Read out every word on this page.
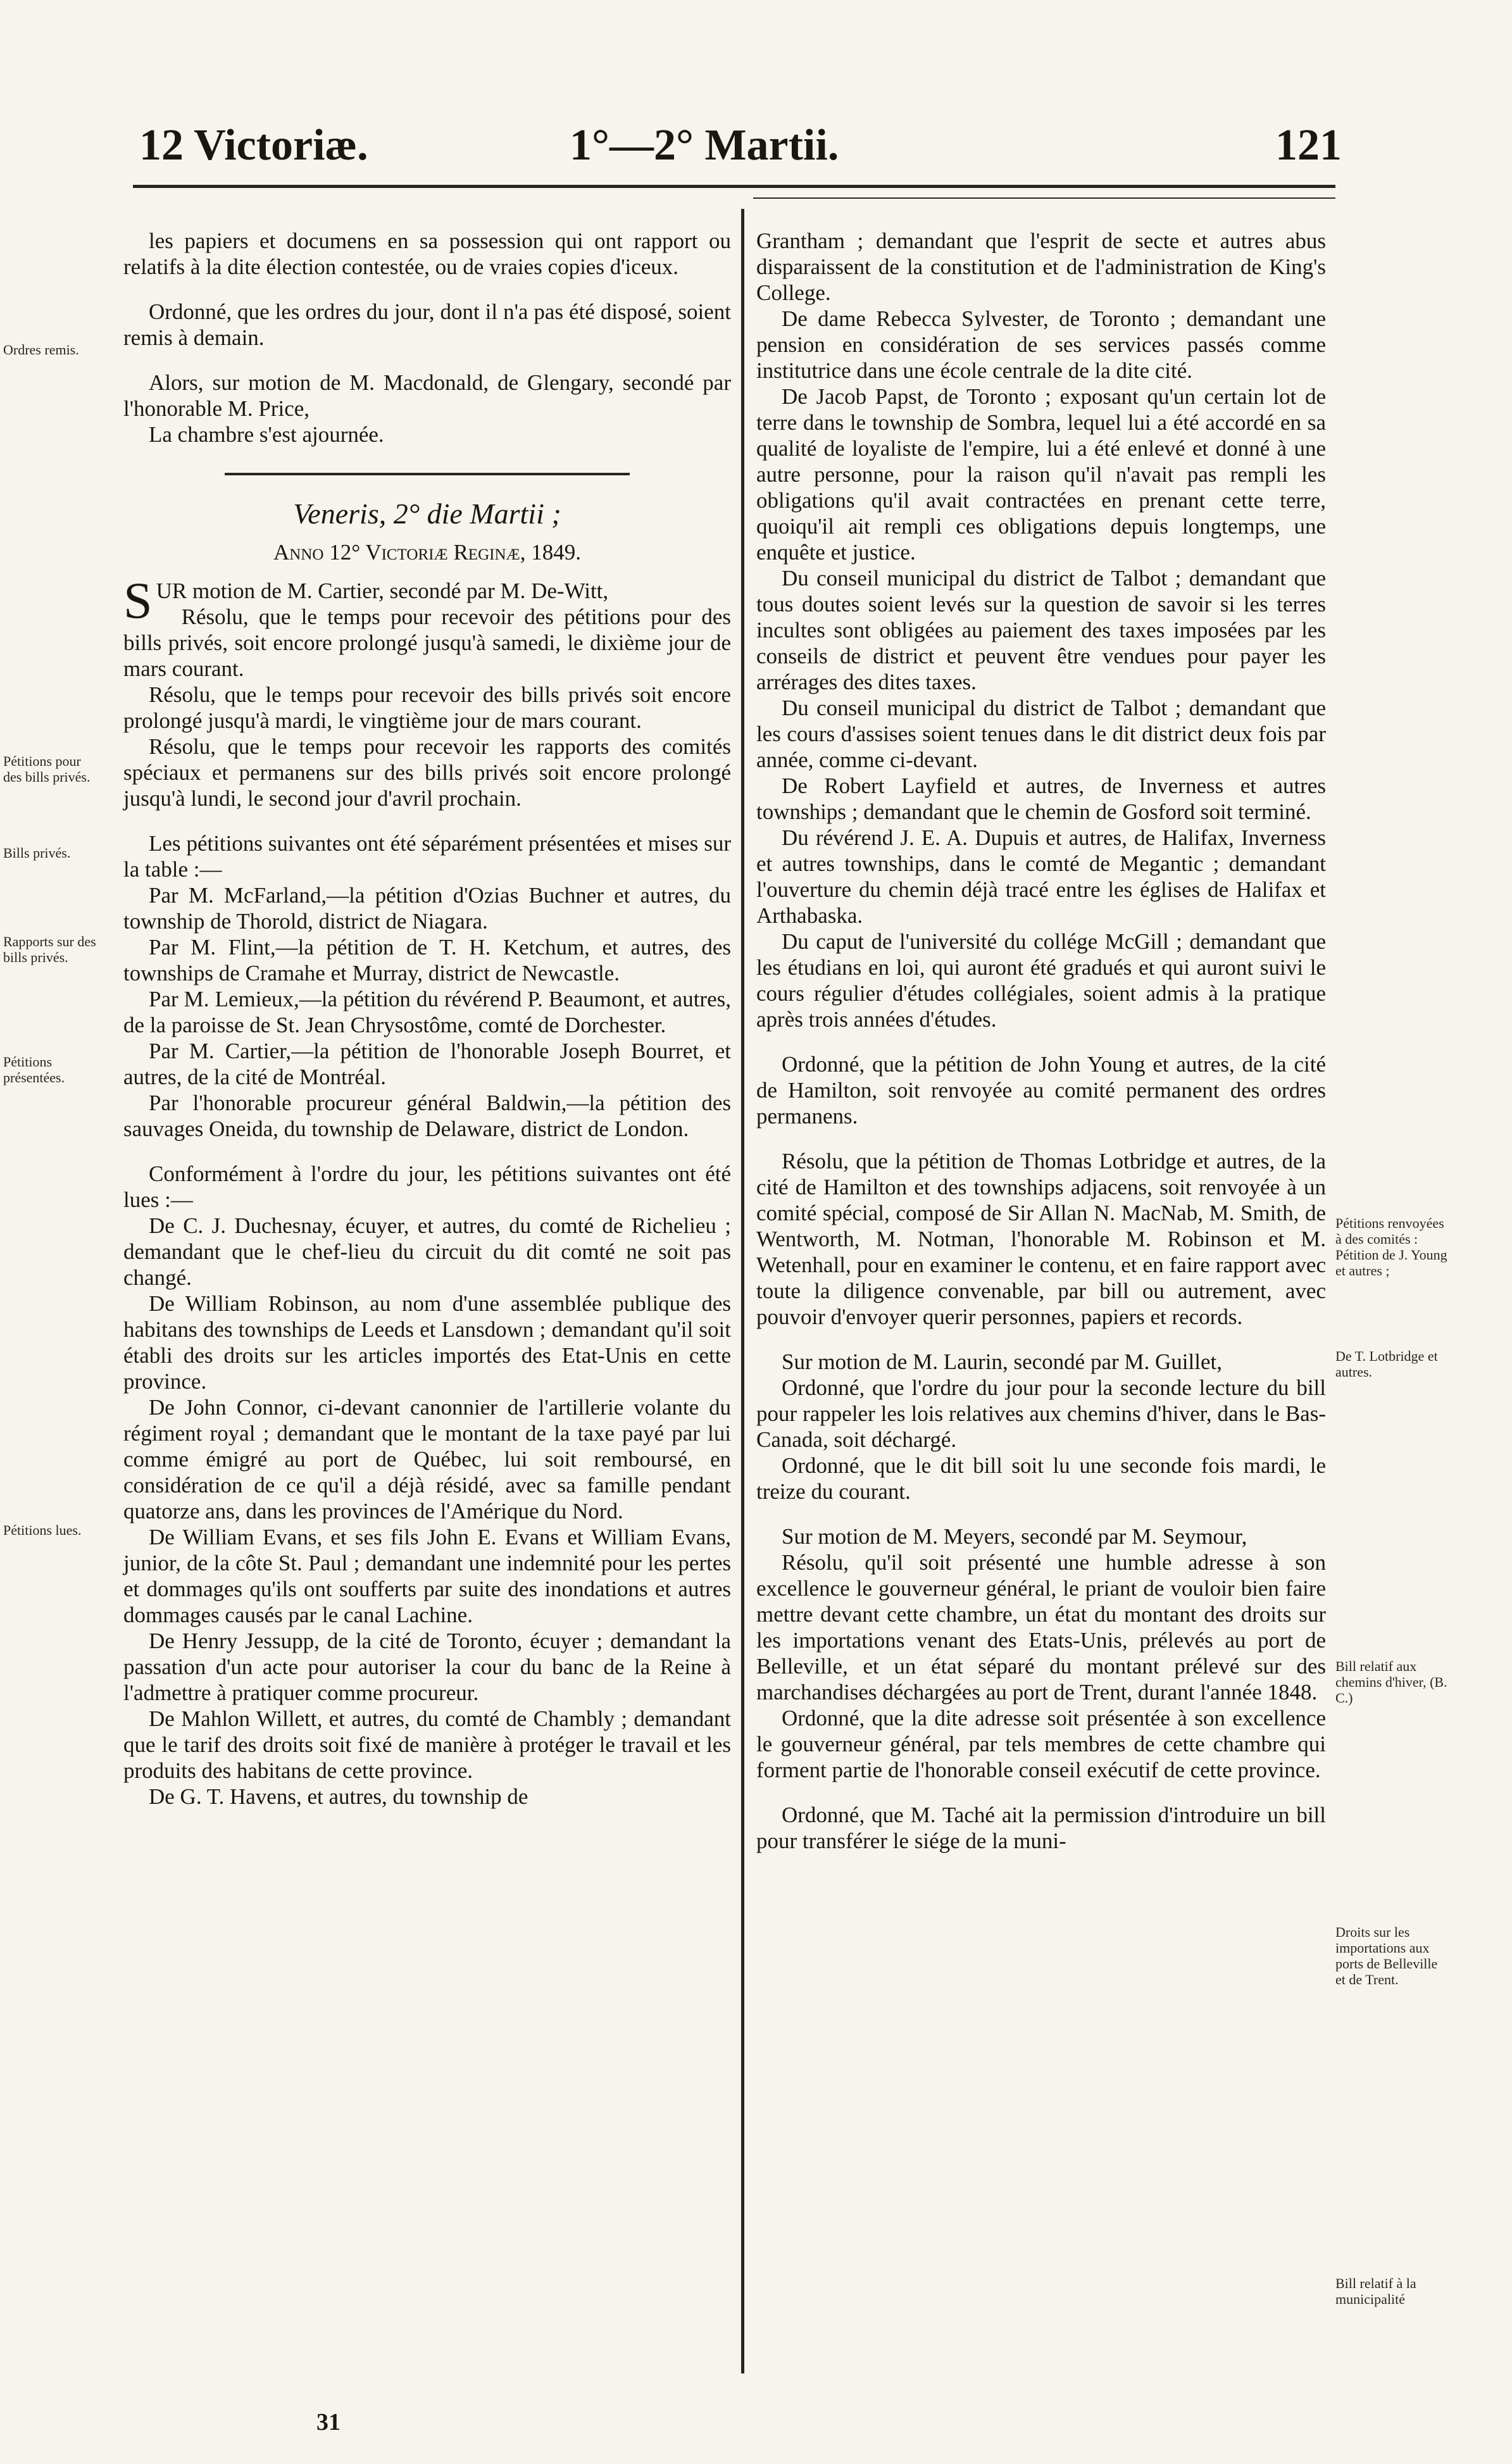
12 Victoriæ.	1°—2° Martii.	121

les papiers et documens en sa possession qui ont rapport ou relatifs à la dite élection contestée, ou de vraies copies d'iceux.

Ordonné, que les ordres du jour, dont il n'a pas été disposé, soient remis à demain.

Alors, sur motion de M. Macdonald, de Glengary, secondé par l'honorable M. Price,

La chambre s'est ajournée.

Veneris, 2° die Martii ;
Anno 12° Victoriæ Reginæ, 1849.

SUR motion de M. Cartier, secondé par M. De-Witt,

Résolu, que le temps pour recevoir des pétitions pour des bills privés, soit encore prolongé jusqu'à samedi, le dixième jour de mars courant.

Résolu, que le temps pour recevoir des bills privés soit encore prolongé jusqu'à mardi, le vingtième jour de mars courant.

Résolu, que le temps pour recevoir les rapports des comités spéciaux et permanens sur des bills privés soit encore prolongé jusqu'à lundi, le second jour d'avril prochain.

Les pétitions suivantes ont été séparément présentées et mises sur la table :—

Par M. McFarland,—la pétition d'Ozias Buchner et autres, du township de Thorold, district de Niagara.

Par M. Flint,—la pétition de T. H. Ketchum, et autres, des townships de Cramahe et Murray, district de Newcastle.

Par M. Lemieux,—la pétition du révérend P. Beaumont, et autres, de la paroisse de St. Jean Chrysostôme, comté de Dorchester.

Par M. Cartier,—la pétition de l'honorable Joseph Bourret, et autres, de la cité de Montréal.

Par l'honorable procureur général Baldwin,—la pétition des sauvages Oneida, du township de Delaware, district de London.

Conformément à l'ordre du jour, les pétitions suivantes ont été lues :—

De C. J. Duchesnay, écuyer, et autres, du comté de Richelieu ; demandant que le chef-lieu du circuit du dit comté ne soit pas changé.

De William Robinson, au nom d'une assemblée publique des habitans des townships de Leeds et Lansdown ; demandant qu'il soit établi des droits sur les articles importés des Etat-Unis en cette province.

De John Connor, ci-devant canonnier de l'artillerie volante du régiment royal ; demandant que le montant de la taxe payé par lui comme émigré au port de Québec, lui soit remboursé, en considération de ce qu'il a déjà résidé, avec sa famille pendant quatorze ans, dans les provinces de l'Amérique du Nord.

De William Evans, et ses fils John E. Evans et William Evans, junior, de la côte St. Paul ; demandant une indemnité pour les pertes et dommages qu'ils ont soufferts par suite des inondations et autres dommages causés par le canal Lachine.

De Henry Jessupp, de la cité de Toronto, écuyer ; demandant la passation d'un acte pour autoriser la cour du banc de la Reine à l'admettre à pratiquer comme procureur.

De Mahlon Willett, et autres, du comté de Chambly ; demandant que le tarif des droits soit fixé de manière à protéger le travail et les produits des habitans de cette province.

De G. T. Havens, et autres, du township de

Grantham ; demandant que l'esprit de secte et autres abus disparaissent de la constitution et de l'administration de King's College.

De dame Rebecca Sylvester, de Toronto ; demandant une pension en considération de ses services passés comme institutrice dans une école centrale de la dite cité.

De Jacob Papst, de Toronto ; exposant qu'un certain lot de terre dans le township de Sombra, lequel lui a été accordé en sa qualité de loyaliste de l'empire, lui a été enlevé et donné à une autre personne, pour la raison qu'il n'avait pas rempli les obligations qu'il avait contractées en prenant cette terre, quoiqu'il ait rempli ces obligations depuis longtemps, une enquête et justice.

Du conseil municipal du district de Talbot ; demandant que tous doutes soient levés sur la question de savoir si les terres incultes sont obligées au paiement des taxes imposées par les conseils de district et peuvent être vendues pour payer les arrérages des dites taxes.

Du conseil municipal du district de Talbot ; demandant que les cours d'assises soient tenues dans le dit district deux fois par année, comme ci-devant.

De Robert Layfield et autres, de Inverness et autres townships ; demandant que le chemin de Gosford soit terminé.

Du révérend J. E. A. Dupuis et autres, de Halifax, Inverness et autres townships, dans le comté de Megantic ; demandant l'ouverture du chemin déjà tracé entre les églises de Halifax et Arthabaska.

Du caput de l'université du collége McGill ; demandant que les étudians en loi, qui auront été gradués et qui auront suivi le cours régulier d'études collégiales, soient admis à la pratique après trois années d'études.

Ordonné, que la pétition de John Young et autres, de la cité de Hamilton, soit renvoyée au comité permanent des ordres permanens.

Résolu, que la pétition de Thomas Lotbridge et autres, de la cité de Hamilton et des townships adjacens, soit renvoyée à un comité spécial, composé de Sir Allan N. MacNab, M. Smith, de Wentworth, M. Notman, l'honorable M. Robinson et M. Wetenhall, pour en examiner le contenu, et en faire rapport avec toute la diligence convenable, par bill ou autrement, avec pouvoir d'envoyer querir personnes, papiers et records.

Sur motion de M. Laurin, secondé par M. Guillet,

Ordonné, que l'ordre du jour pour la seconde lecture du bill pour rappeler les lois relatives aux chemins d'hiver, dans le Bas-Canada, soit déchargé.

Ordonné, que le dit bill soit lu une seconde fois mardi, le treize du courant.

Sur motion de M. Meyers, secondé par M. Seymour,

Résolu, qu'il soit présenté une humble adresse à son excellence le gouverneur général, le priant de vouloir bien faire mettre devant cette chambre, un état du montant des droits sur les importations venant des Etats-Unis, prélevés au port de Belleville, et un état séparé du montant prélevé sur des marchandises déchargées au port de Trent, durant l'année 1848.

Ordonné, que la dite adresse soit présentée à son excellence le gouverneur général, par tels membres de cette chambre qui forment partie de l'honorable conseil exécutif de cette province.

Ordonné, que M. Taché ait la permission d'introduire un bill pour transférer le siége de la muni-

Ordres remis.
Pétitions pour des bills privés.
Bills privés.
Rapports sur des bills privés.
Pétitions présentées.
Pétitions lues.
Pétitions renvoyées à des comités : Pétition de J. Young et autres ;
De T. Lotbridge et autres.
Bill relatif aux chemins d'hiver, (B. C.)
Droits sur les importations aux ports de Belleville et de Trent.
Bill relatif à la municipalité
31
